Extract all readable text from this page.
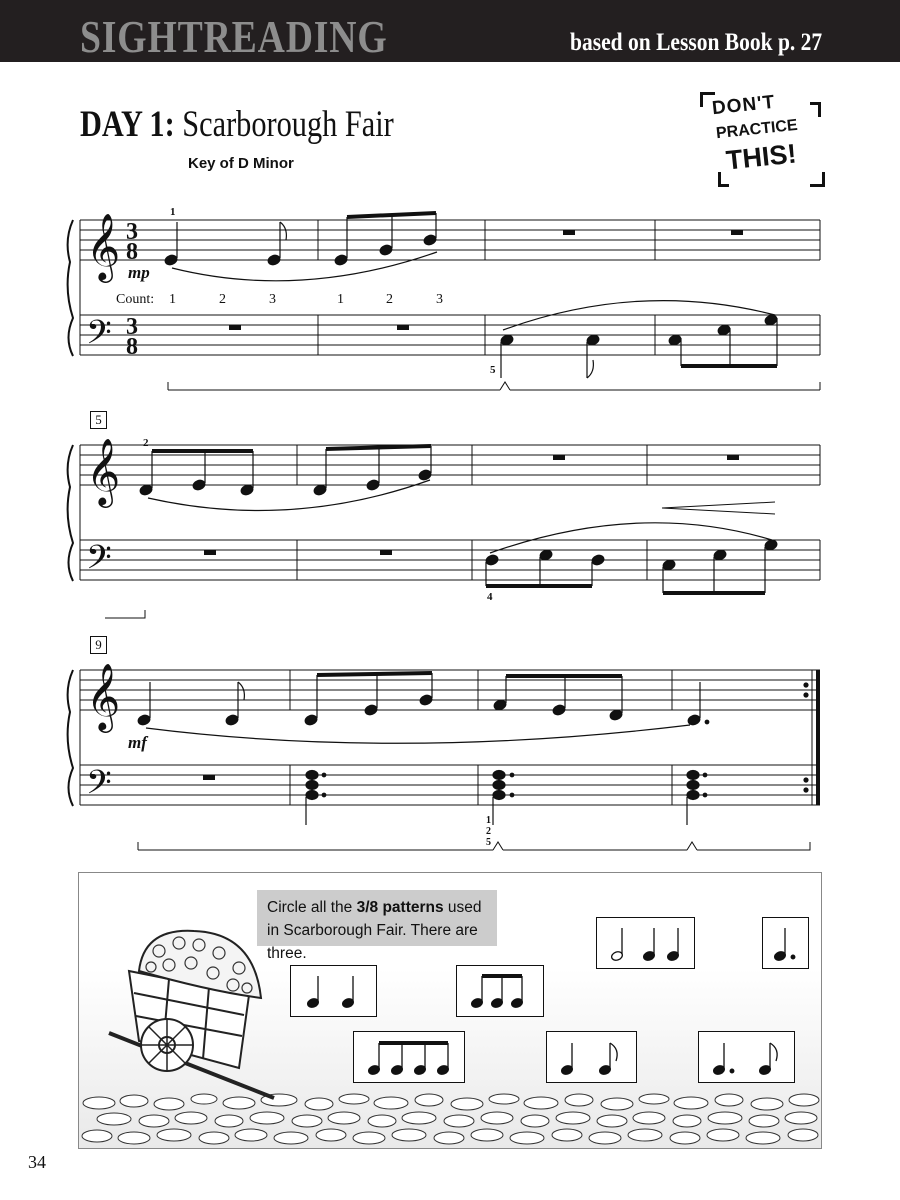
SIGHTREADING	based on Lesson Book p. 27
DAY 1: Scarborough Fair
Key of D Minor
DON'T
PRACTICE
THIS!
5
9
𝄞
𝄢
𝄞
𝄢
𝄞
𝄢
3
8
3
8
1
5
mp
Count: 1	2	3	1	2	3
2
4
mf
1
2
5
Circle all the 3/8 patterns used in Scarborough Fair. There are three.
34
